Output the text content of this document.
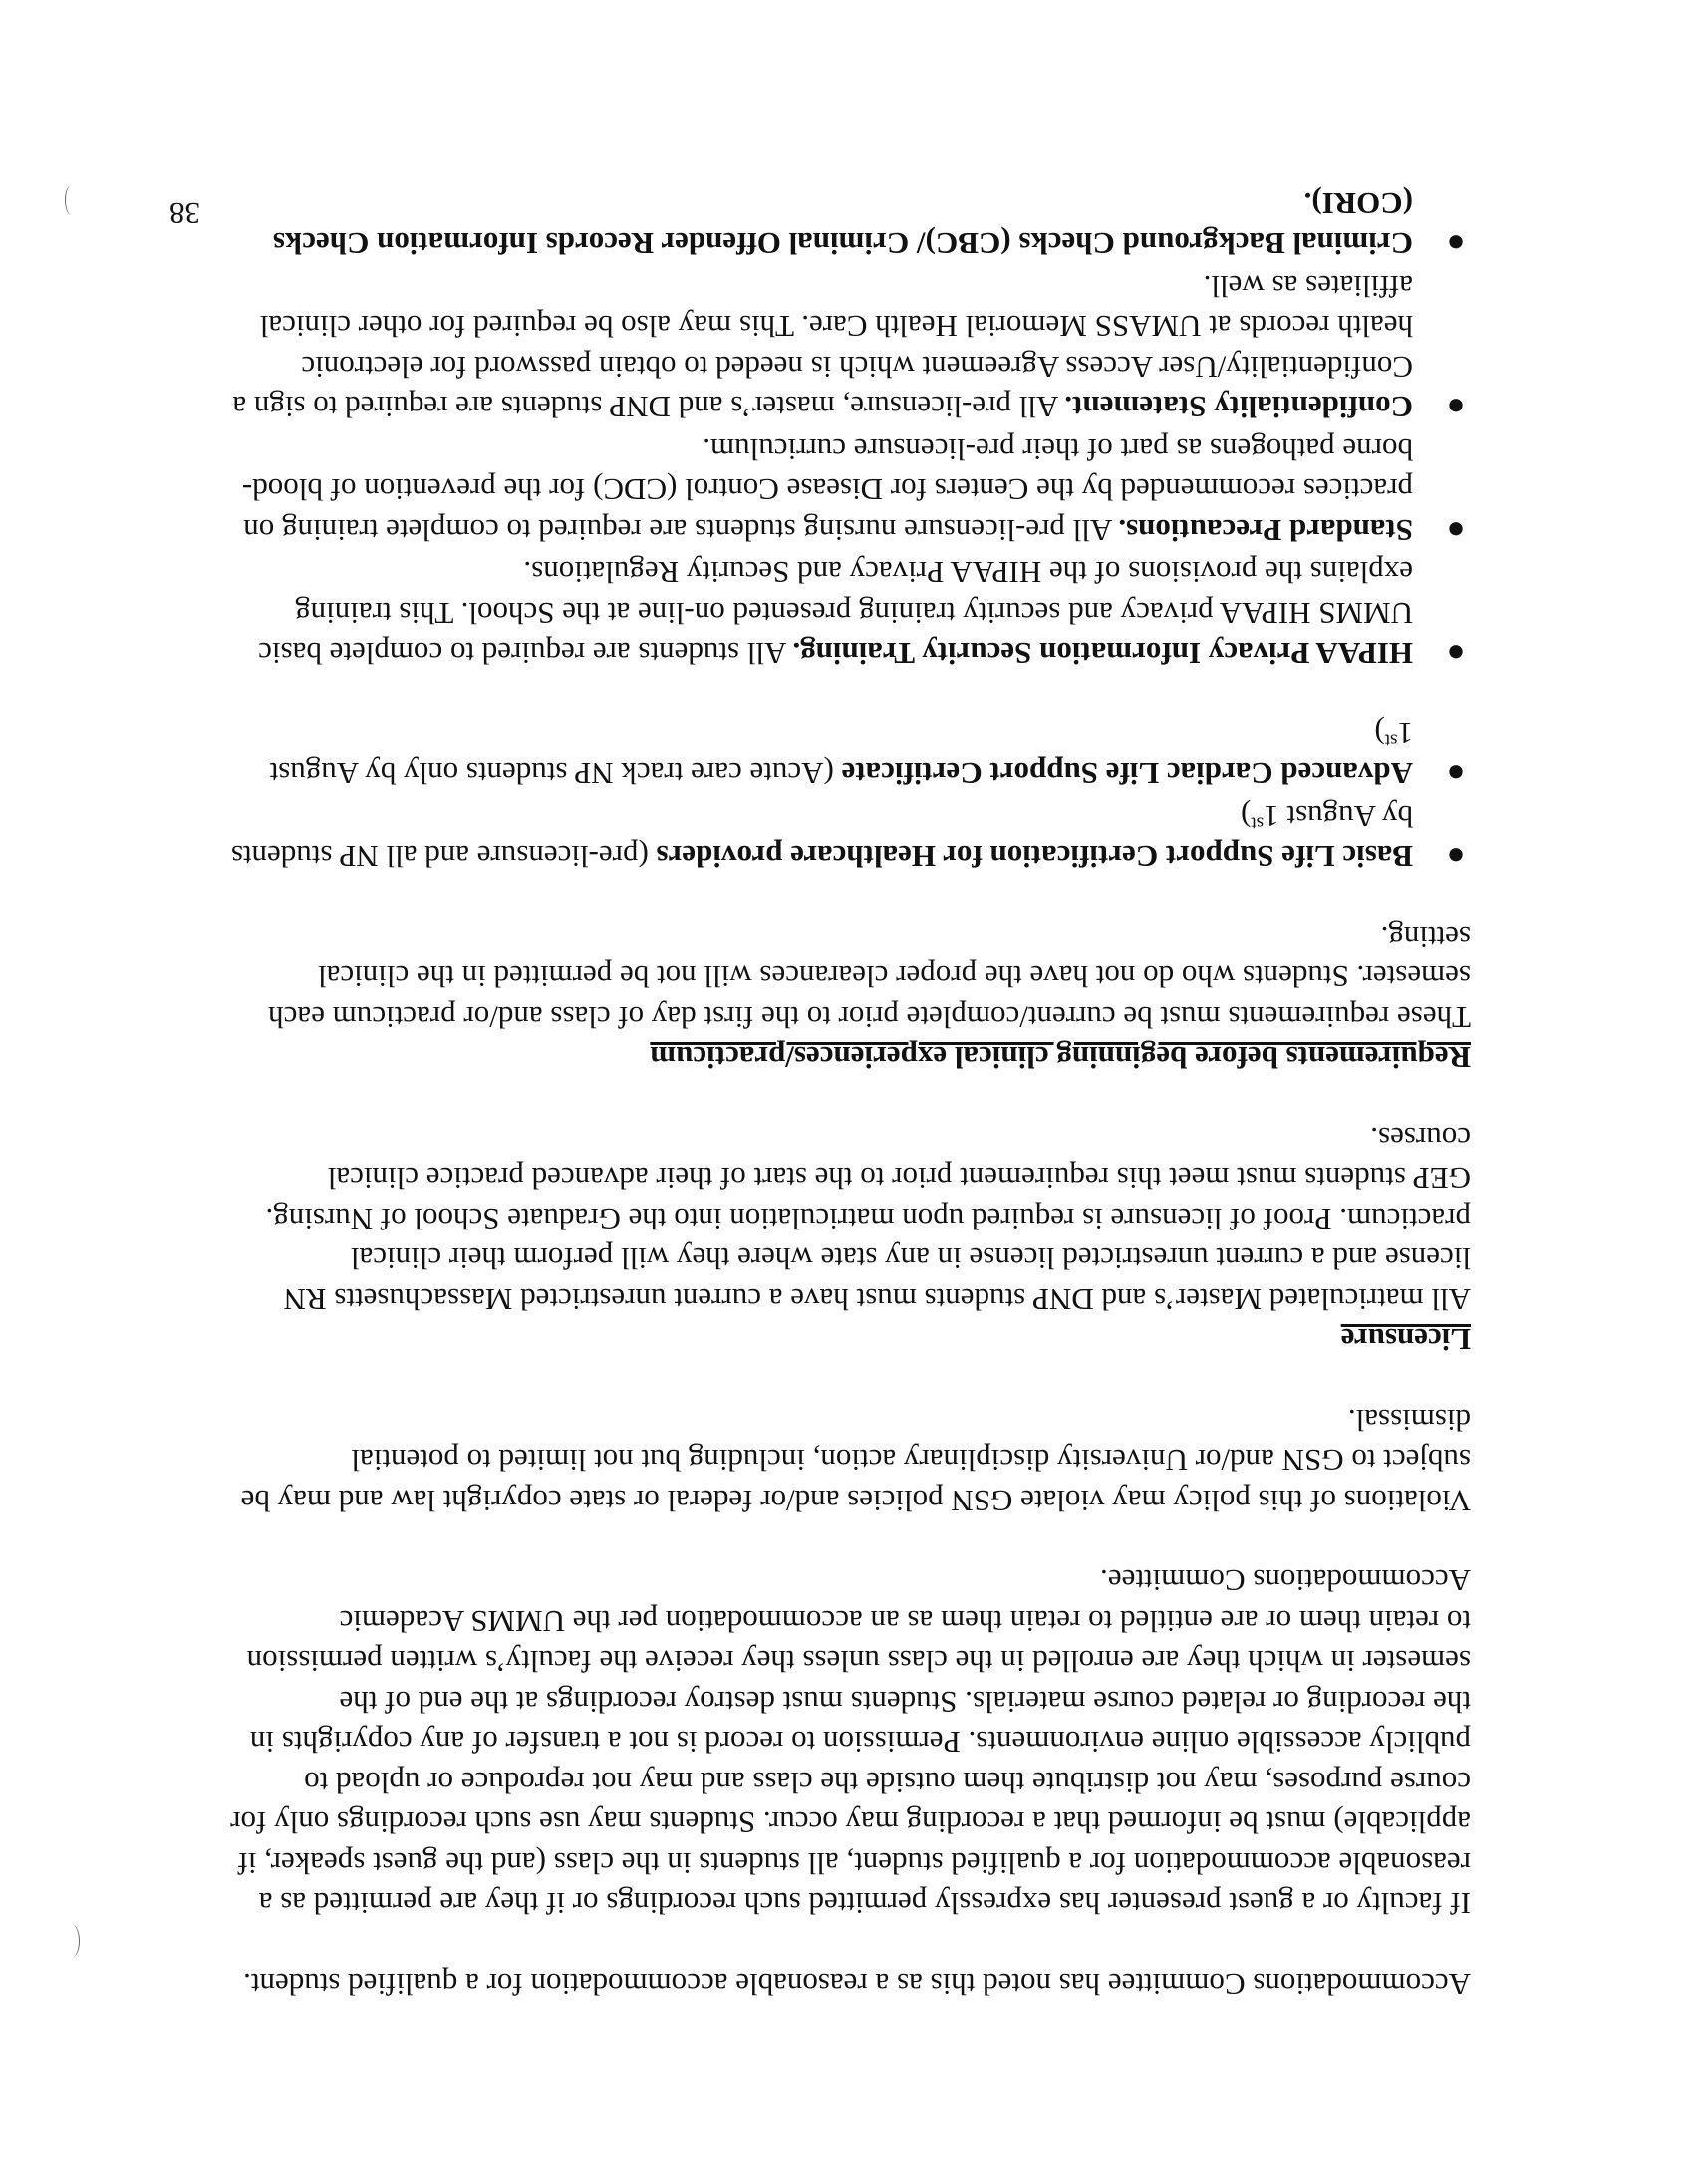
Accommodations Committee has noted this as a reasonable accommodation for a qualified student.

If faculty or a guest presenter has expressly permitted such recordings or if they are permitted as a reasonable accommodation for a qualified student, all students in the class (and the guest speaker, if applicable) must be informed that a recording may occur. Students may use such recordings only for course purposes, may not distribute them outside the class and may not reproduce or upload to publicly accessible online environments. Permission to record is not a transfer of any copyrights in the recording or related course materials. Students must destroy recordings at the end of the semester in which they are enrolled in the class unless they receive the faculty’s written permission to retain them or are entitled to retain them as an accommodation per the UMMS Academic Accommodations Committee.

Violations of this policy may violate GSN policies and/or federal or state copyright law and may be subject to GSN and/or University disciplinary action, including but not limited to potential dismissal.

Licensure

All matriculated Master’s and DNP students must have a current unrestricted Massachusetts RN license and a current unrestricted license in any state where they will perform their clinical practicum. Proof of licensure is required upon matriculation into the Graduate School of Nursing. GEP students must meet this requirement prior to the start of their advanced practice clinical courses.

Requirements before beginning clinical experiences/practicum

These requirements must be current/complete prior to the first day of class and/or practicum each semester. Students who do not have the proper clearances will not be permitted in the clinical setting.

●
Basic Life Support Certification for Healthcare providers (pre-licensure and all NP students by August 1st)
●
Advanced Cardiac Life Support Certificate (Acute care track NP students only by August 1st)
●
HIPAA Privacy Information Security Training. All students are required to complete basic UMMS HIPAA privacy and security training presented on-line at the School. This training explains the provisions of the HIPAA Privacy and Security Regulations.
●
Standard Precautions. All pre-licensure nursing students are required to complete training on practices recommended by the Centers for Disease Control (CDC) for the prevention of blood-borne pathogens as part of their pre-licensure curriculum.
●
Confidentiality Statement. All pre-licensure, master’s and DNP students are required to sign a Confidentiality/User Access Agreement which is needed to obtain password for electronic health records at UMASS Memorial Health Care. This may also be required for other clinical affiliates as well.
●
Criminal Background Checks (CBC)/ Criminal Offender Records Information Checks (CORI).
38
